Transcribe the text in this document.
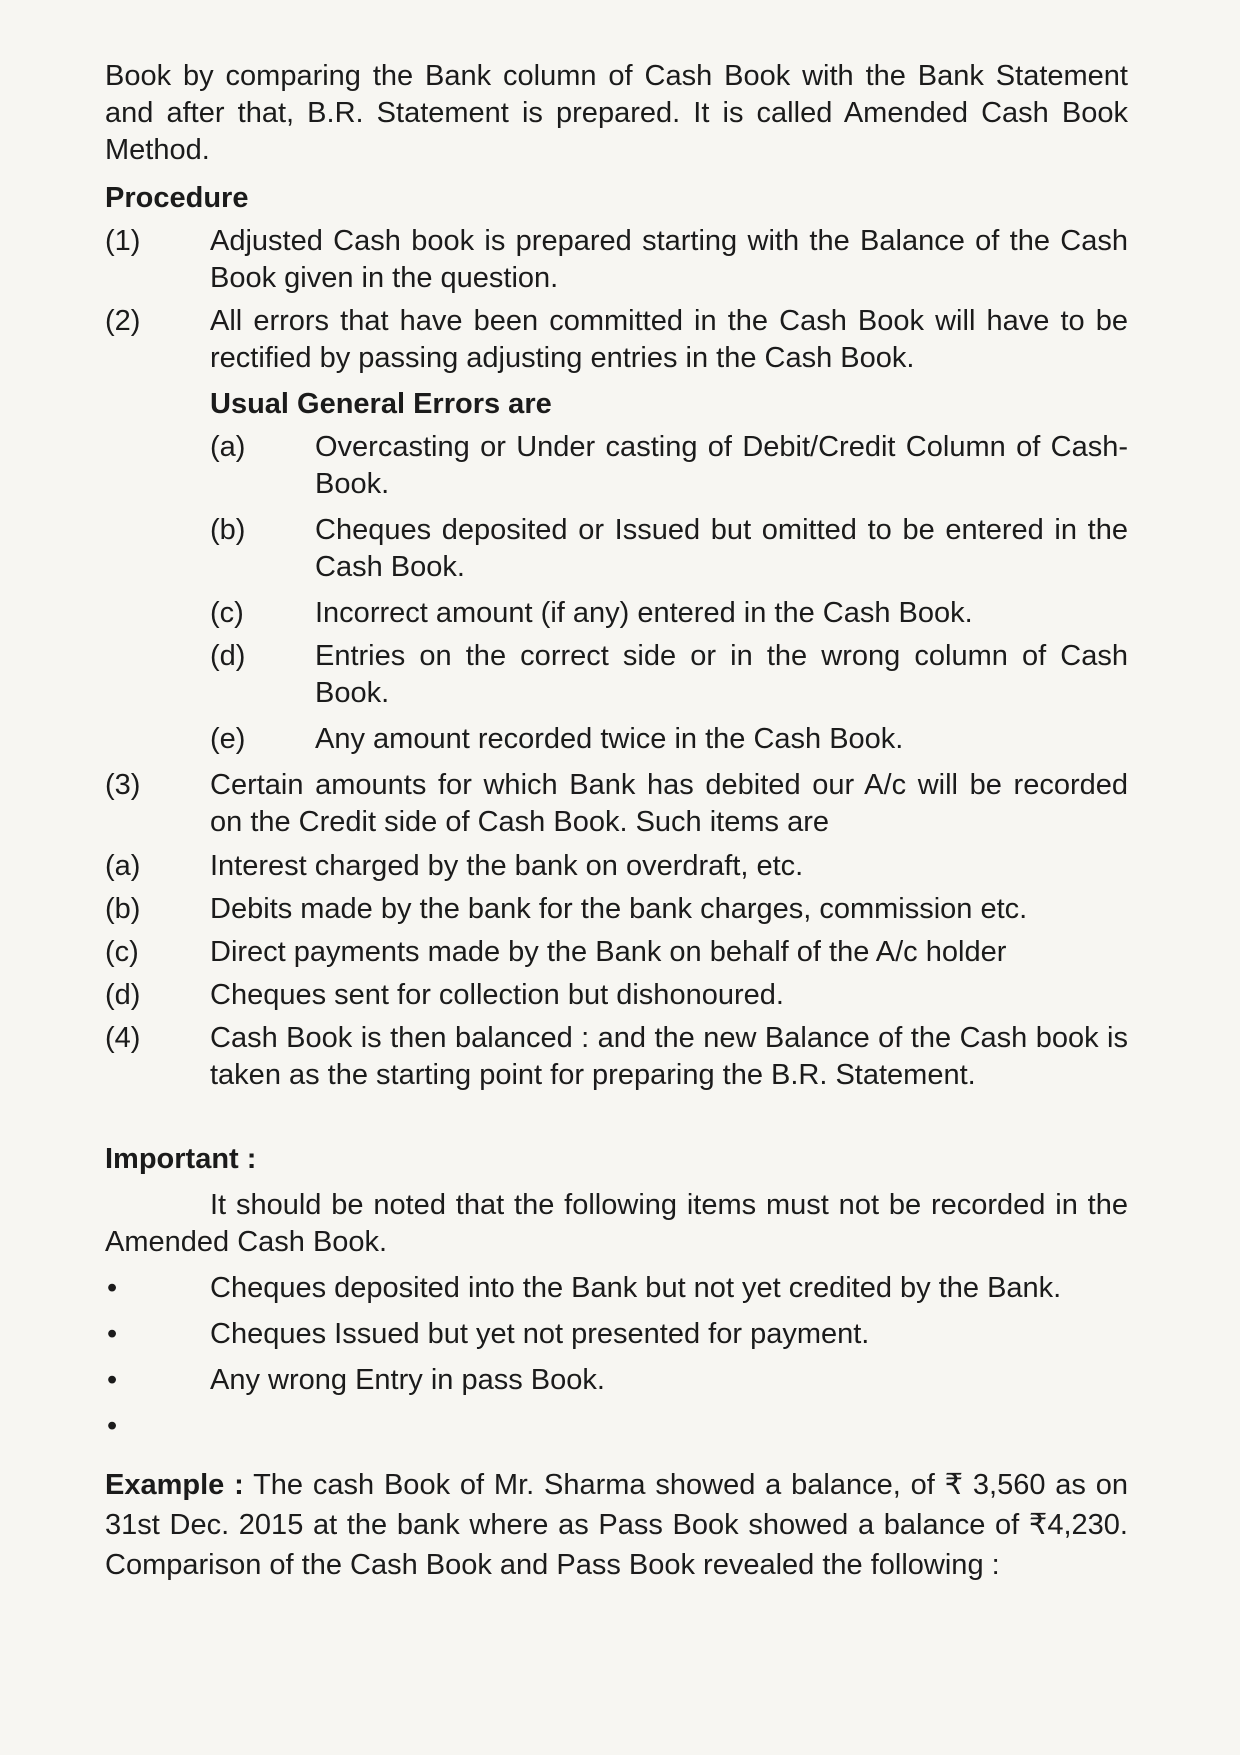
Book by comparing the Bank column of Cash Book with the Bank Statement and after that, B.R. Statement is prepared. It is called Amended Cash Book Method.

Procedure

(1) Adjusted Cash book is prepared starting with the Balance of the Cash Book given in the question.

(2) All errors that have been committed in the Cash Book will have to be rectified by passing adjusting entries in the Cash Book.

Usual General Errors are

(a) Overcasting or Under casting of Debit/Credit Column of Cash-Book.

(b) Cheques deposited or Issued but omitted to be entered in the Cash Book.

(c) Incorrect amount (if any) entered in the Cash Book.

(d) Entries on the correct side or in the wrong column of Cash Book.

(e) Any amount recorded twice in the Cash Book.

(3) Certain amounts for which Bank has debited our A/c will be recorded on the Credit side of Cash Book. Such items are

(a) Interest charged by the bank on overdraft, etc.

(b) Debits made by the bank for the bank charges, commission etc.

(c) Direct payments made by the Bank on behalf of the A/c holder

(d) Cheques sent for collection but dishonoured.

(4) Cash Book is then balanced : and the new Balance of the Cash book is taken as the starting point for preparing the B.R. Statement.

Important :

It should be noted that the following items must not be recorded in the Amended Cash Book.

•	Cheques deposited into the Bank but not yet credited by the Bank.

•	Cheques Issued but yet not presented for payment.

•	Any wrong Entry in pass Book.

•

Example : The cash Book of Mr. Sharma showed a balance, of ₹ 3,560 as on 31st Dec. 2015 at the bank where as Pass Book showed a balance of ₹4,230. Comparison of the Cash Book and Pass Book revealed the following :
